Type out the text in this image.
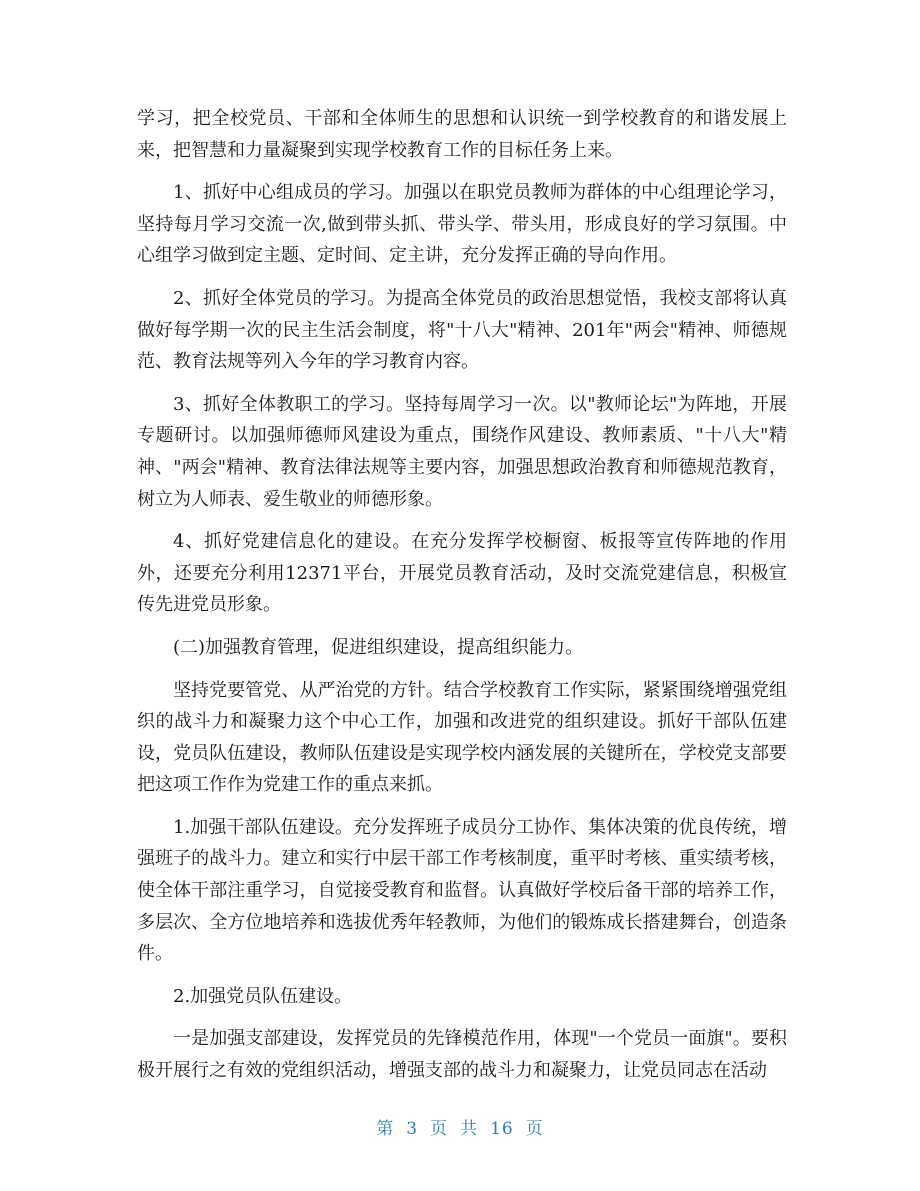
学习，把全校党员、干部和全体师生的思想和认识统一到学校教育的和谐发展上来，把智慧和力量凝聚到实现学校教育工作的目标任务上来。

1、抓好中心组成员的学习。加强以在职党员教师为群体的中心组理论学习，坚持每月学习交流一次,做到带头抓、带头学、带头用，形成良好的学习氛围。中心组学习做到定主题、定时间、定主讲，充分发挥正确的导向作用。

2、抓好全体党员的学习。为提高全体党员的政治思想觉悟，我校支部将认真做好每学期一次的民主生活会制度，将"十八大"精神、201年"两会"精神、师德规范、教育法规等列入今年的学习教育内容。

3、抓好全体教职工的学习。坚持每周学习一次。以"教师论坛"为阵地，开展专题研讨。以加强师德师风建设为重点，围绕作风建设、教师素质、"十八大"精神、"两会"精神、教育法律法规等主要内容，加强思想政治教育和师德规范教育，树立为人师表、爱生敬业的师德形象。

4、抓好党建信息化的建设。在充分发挥学校橱窗、板报等宣传阵地的作用外，还要充分利用12371平台，开展党员教育活动，及时交流党建信息，积极宣传先进党员形象。

(二)加强教育管理，促进组织建设，提高组织能力。

坚持党要管党、从严治党的方针。结合学校教育工作实际，紧紧围绕增强党组织的战斗力和凝聚力这个中心工作，加强和改进党的组织建设。抓好干部队伍建设，党员队伍建设，教师队伍建设是实现学校内涵发展的关键所在，学校党支部要把这项工作作为党建工作的重点来抓。

1.加强干部队伍建设。充分发挥班子成员分工协作、集体决策的优良传统，增强班子的战斗力。建立和实行中层干部工作考核制度，重平时考核、重实绩考核，使全体干部注重学习，自觉接受教育和监督。认真做好学校后备干部的培养工作，多层次、全方位地培养和选拔优秀年轻教师，为他们的锻炼成长搭建舞台，创造条件。

2.加强党员队伍建设。

一是加强支部建设，发挥党员的先锋模范作用，体现"一个党员一面旗"。要积极开展行之有效的党组织活动，增强支部的战斗力和凝聚力，让党员同志在活动

第 3 页 共 16 页
